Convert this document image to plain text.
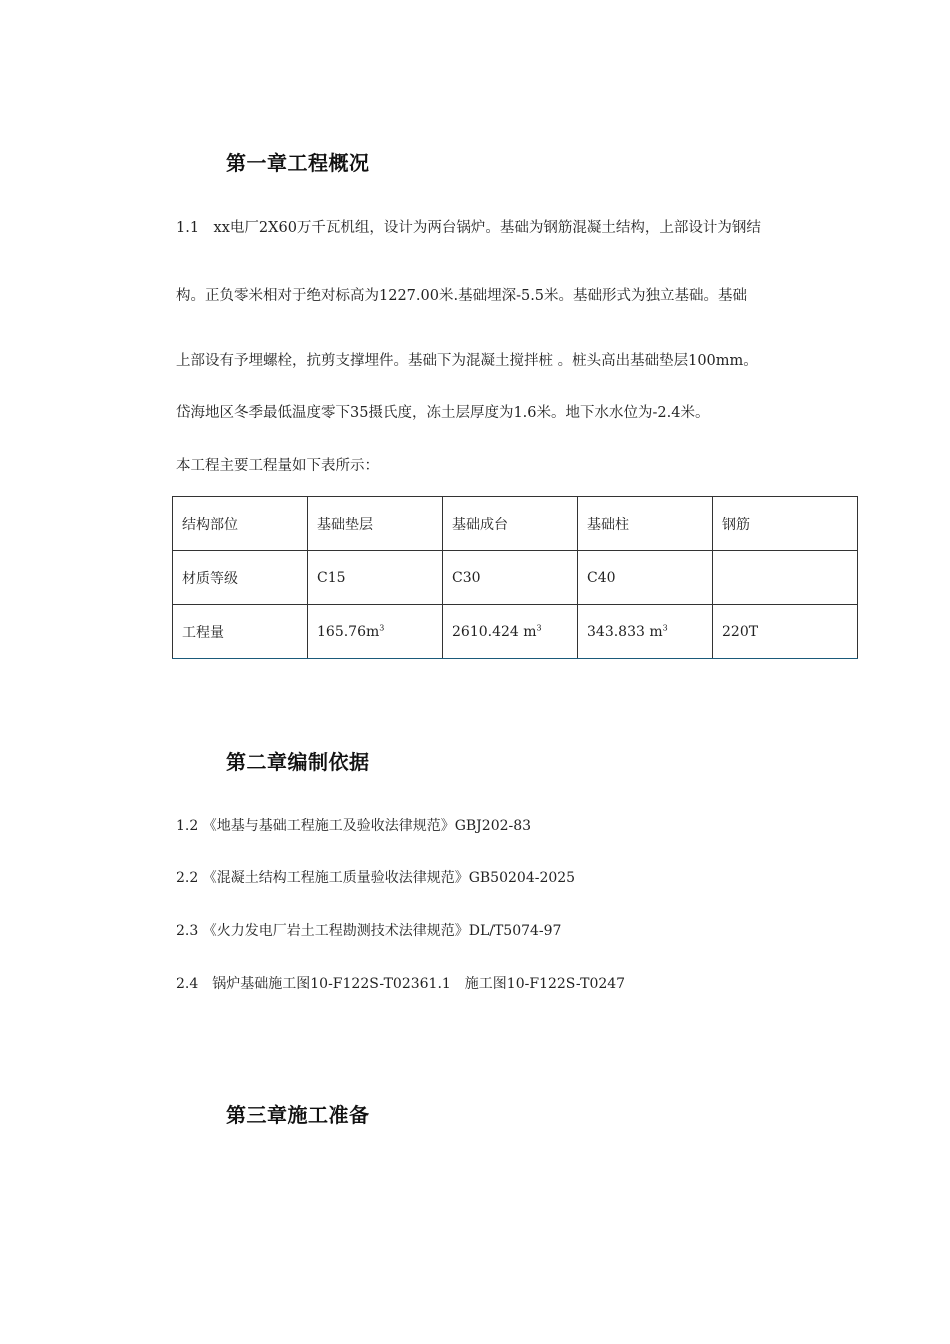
第一章工程概况
1.1　xx电厂2X60万千瓦机组，设计为两台锅炉。基础为钢筋混凝土结构，上部设计为钢结
构。正负零米相对于绝对标高为1227.00米.基础埋深-5.5米。基础形式为独立基础。基础
上部设有予埋螺栓，抗剪支撑埋件。基础下为混凝土搅拌桩 。桩头高出基础垫层100mm。
岱海地区冬季最低温度零下35摄氏度，冻土层厚度为1.6米。地下水水位为-2.4米。
本工程主要工程量如下表所示：
结构部位	基础垫层	基础成台	基础柱	钢筋
材质等级	C15	C30	C40	
工程量	$165.76m^3$	2610.424 $m^3$	343.833 $m^3$	220T
第二章编制依据
1.2 《地基与基础工程施工及验收法律规范》GBJ202-83
2.2 《混凝土结构工程施工质量验收法律规范》GB50204-2025
2.3 《火力发电厂岩土工程勘测技术法律规范》DL/T5074-97
2.4　锅炉基础施工图10-F122S-T02361.1　施工图10-F122S-T0247
第三章施工准备
